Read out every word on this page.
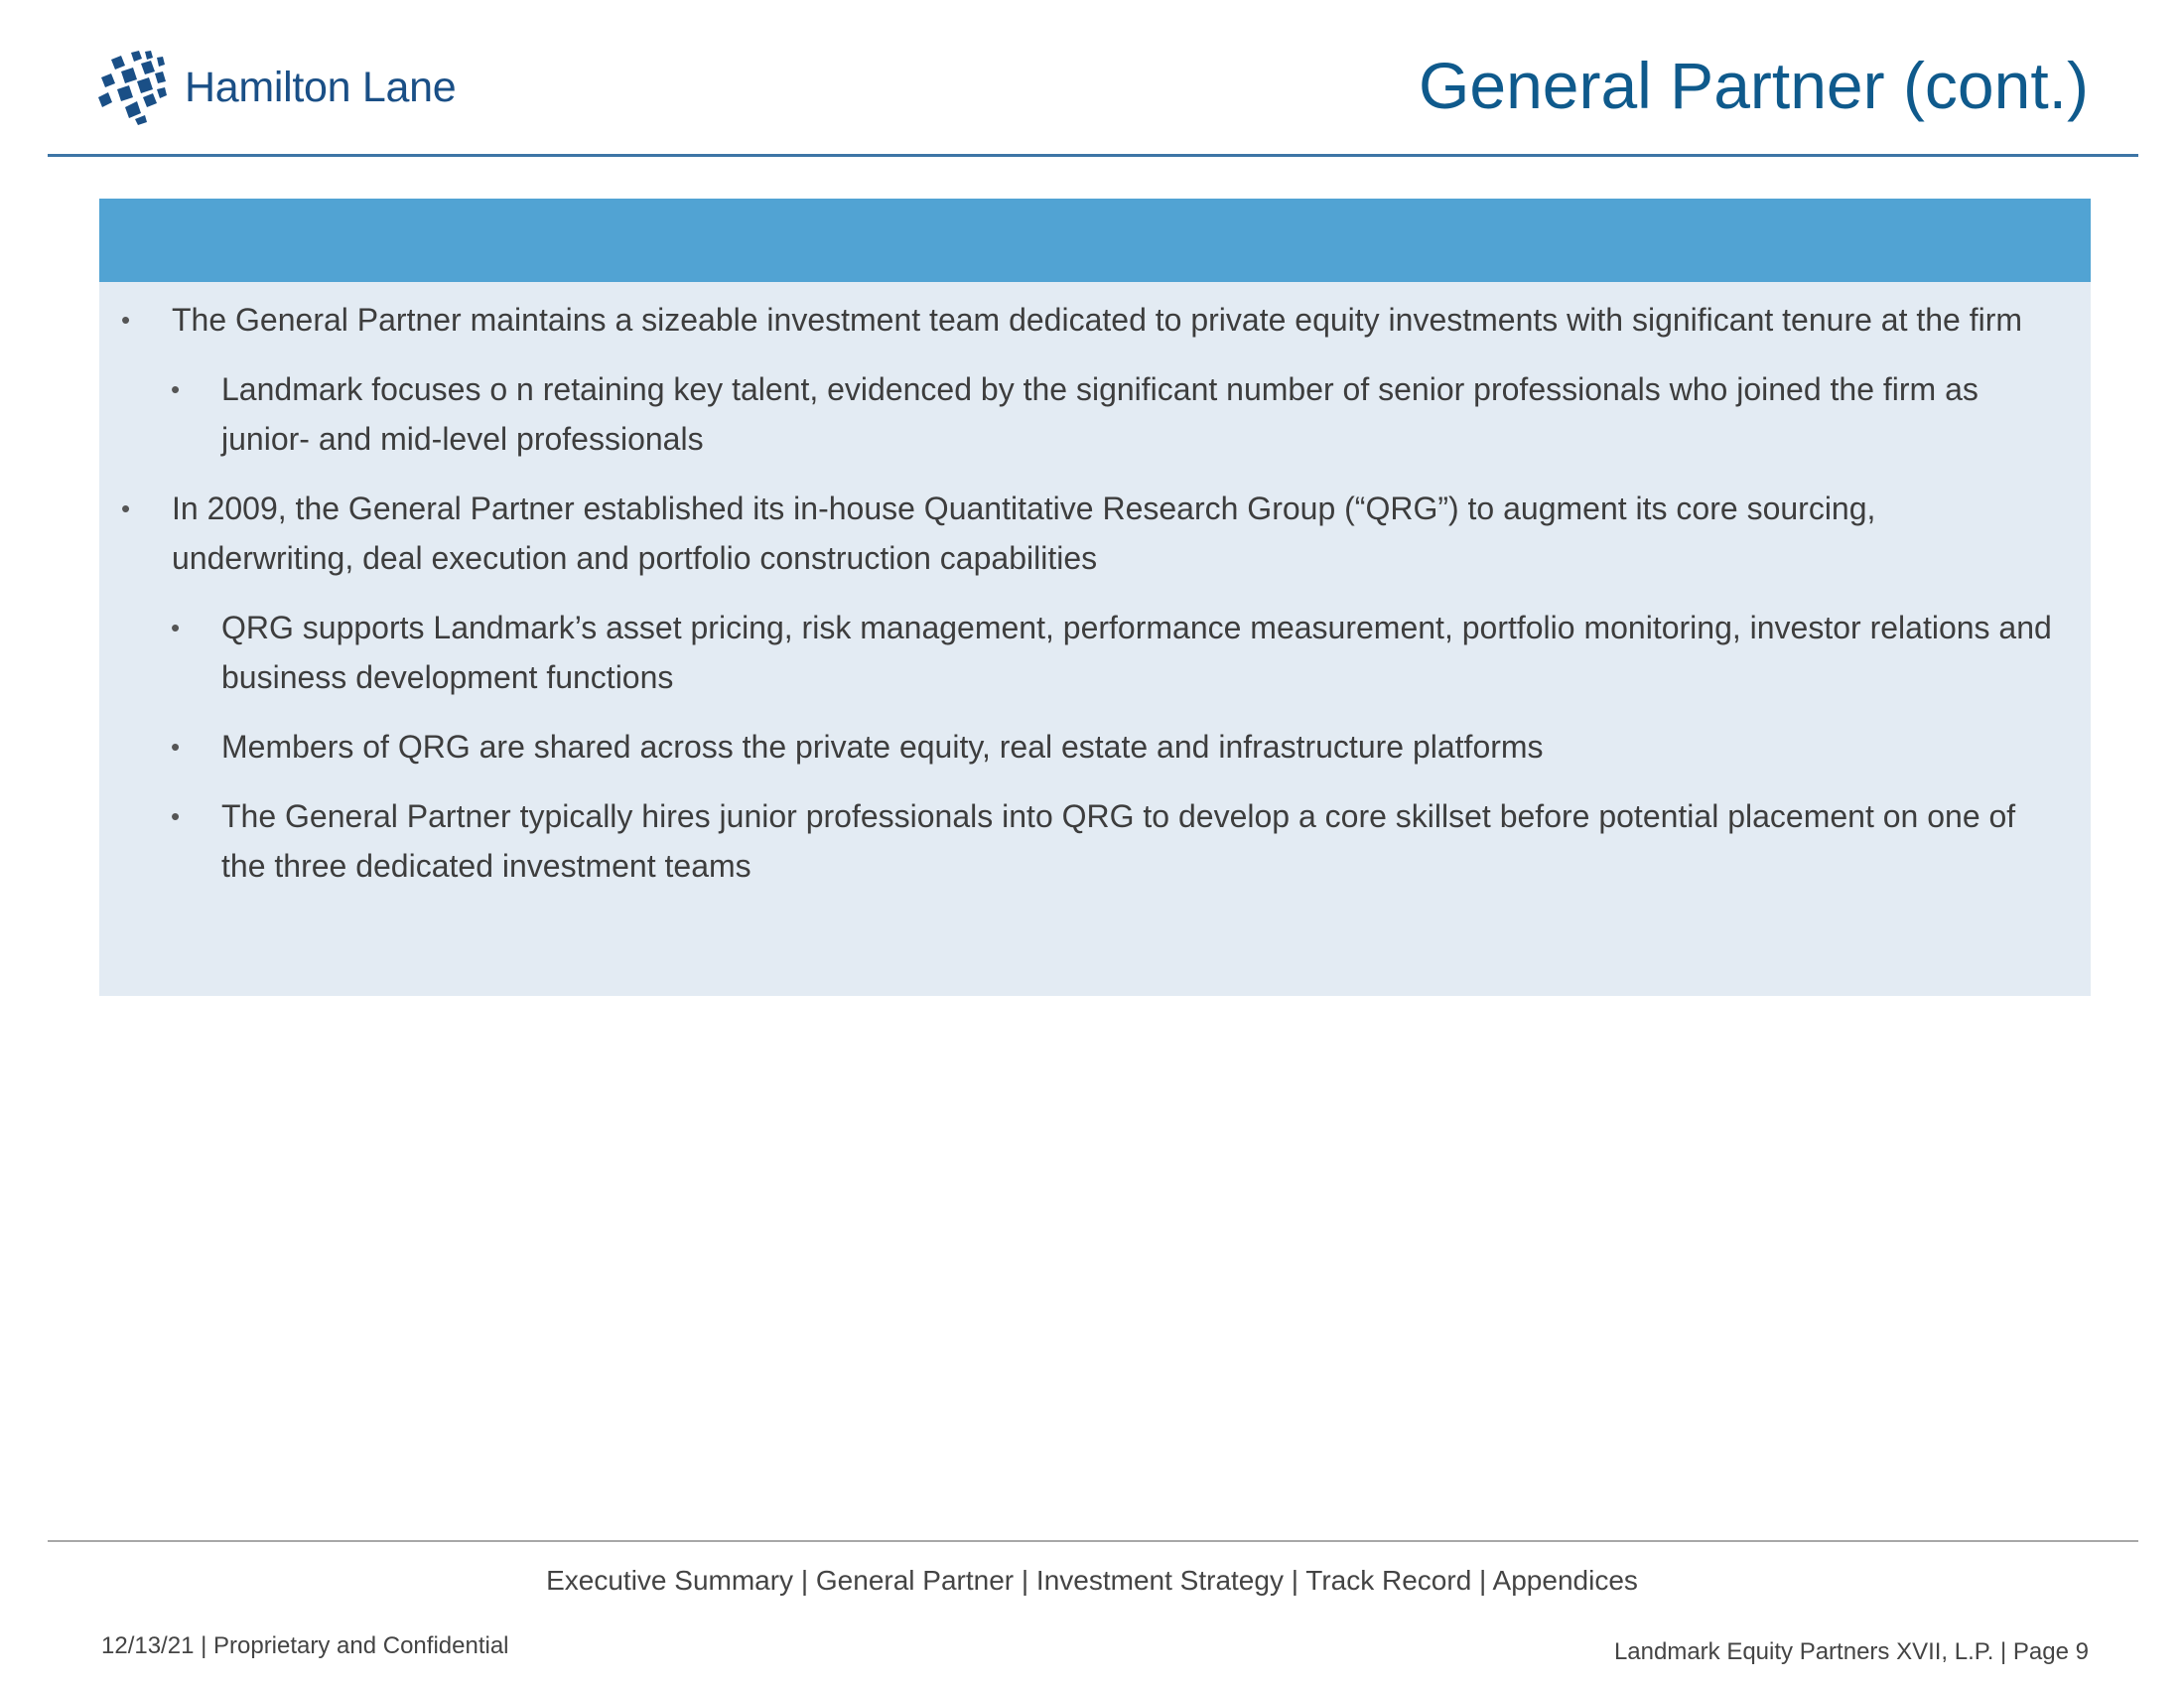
Hamilton Lane	General Partner (cont.)
• The General Partner maintains a sizeable investment team dedicated to private equity investments with significant tenure at the firm
• Landmark focuses o n retaining key talent, evidenced by the significant number of senior professionals who joined the firm as junior- and mid-level professionals
• In 2009, the General Partner established its in-house Quantitative Research Group (“QRG”) to augment its core sourcing, underwriting, deal execution and portfolio construction capabilities
• QRG supports Landmark’s asset pricing, risk management, performance measurement, portfolio monitoring, investor relations and business development functions
• Members of QRG are shared across the private equity, real estate and infrastructure platforms
• The General Partner typically hires junior professionals into QRG to develop a core skillset before potential placement on one of the three dedicated investment teams
Executive Summary | General Partner | Investment Strategy | Track Record | Appendices
12/13/21 | Proprietary and Confidential	Landmark Equity Partners XVII, L.P. | Page 9
